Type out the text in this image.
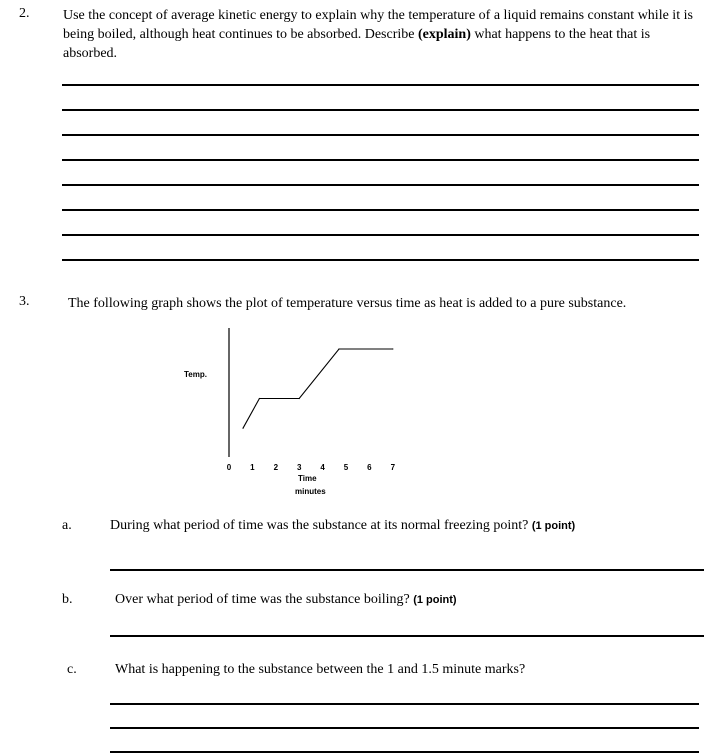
2. Use the concept of average kinetic energy to explain why the temperature of a liquid remains constant while it is being boiled, although heat continues to be absorbed. Describe (explain) what happens to the heat that is absorbed.
3.	The following graph shows the plot of temperature versus time as heat is added to a pure substance.
Temp.
0	1	2	3	4	5	6	7
Time
minutes
a.	During what period of time was the substance at its normal freezing point? (1 point)
b.	Over what period of time was the substance boiling? (1 point)
c.	What is happening to the substance between the 1 and 1.5 minute marks?
